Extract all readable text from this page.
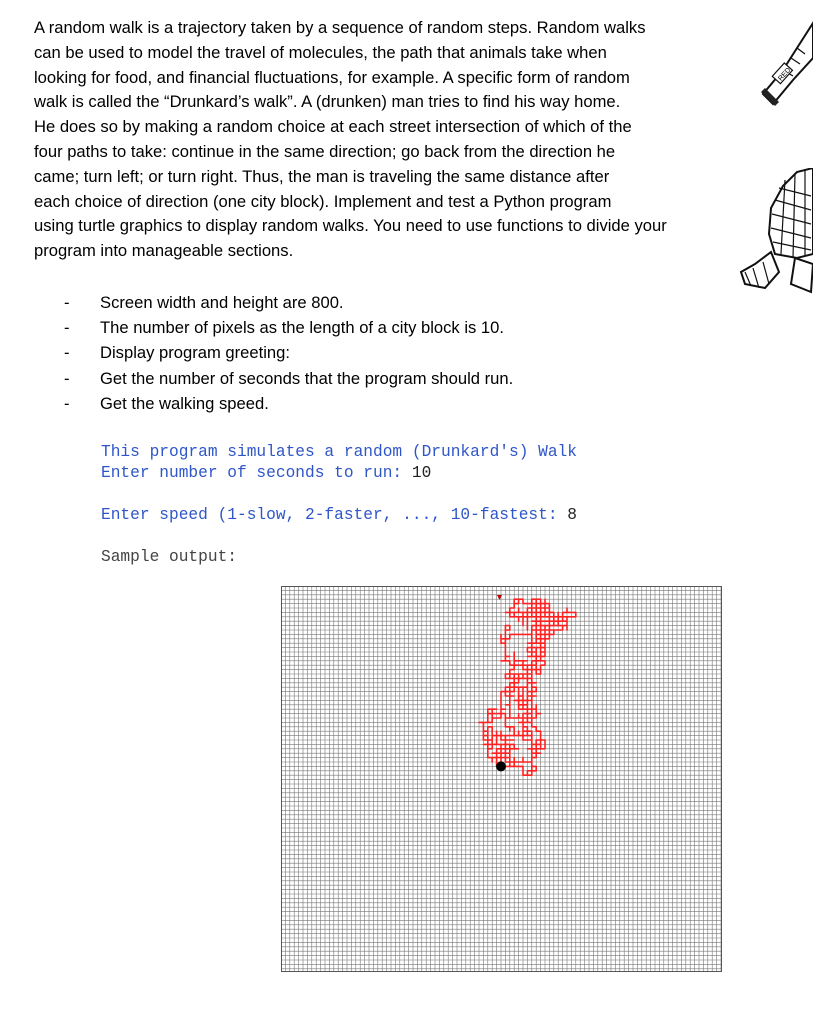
A random walk is a trajectory taken by a sequence of random steps. Random walks
can be used to model the travel of molecules, the path that animals take when
looking for food, and financial fluctuations, for example. A specific form of random
walk is called the “Drunkard’s walk”. A (drunken) man tries to find his way home.
He does so by making a random choice at each street intersection of which of the
four paths to take: continue in the same direction; go back from the direction he
came; turn left; or turn right. Thus, the man is traveling the same distance after
each choice of direction (one city block). Implement and test a Python program
using turtle graphics to display random walks. You need to use functions to divide your
program into manageable sections.
RED
- Screen width and height are 800.
- The number of pixels as the length of a city block is 10.
- Display program greeting:
- Get the number of seconds that the program should run.
- Get the walking speed.
This program simulates a random (Drunkard's) Walk
Enter number of seconds to run: 10
Enter speed (1-slow, 2-faster, ..., 10-fastest: 8
Sample output:
